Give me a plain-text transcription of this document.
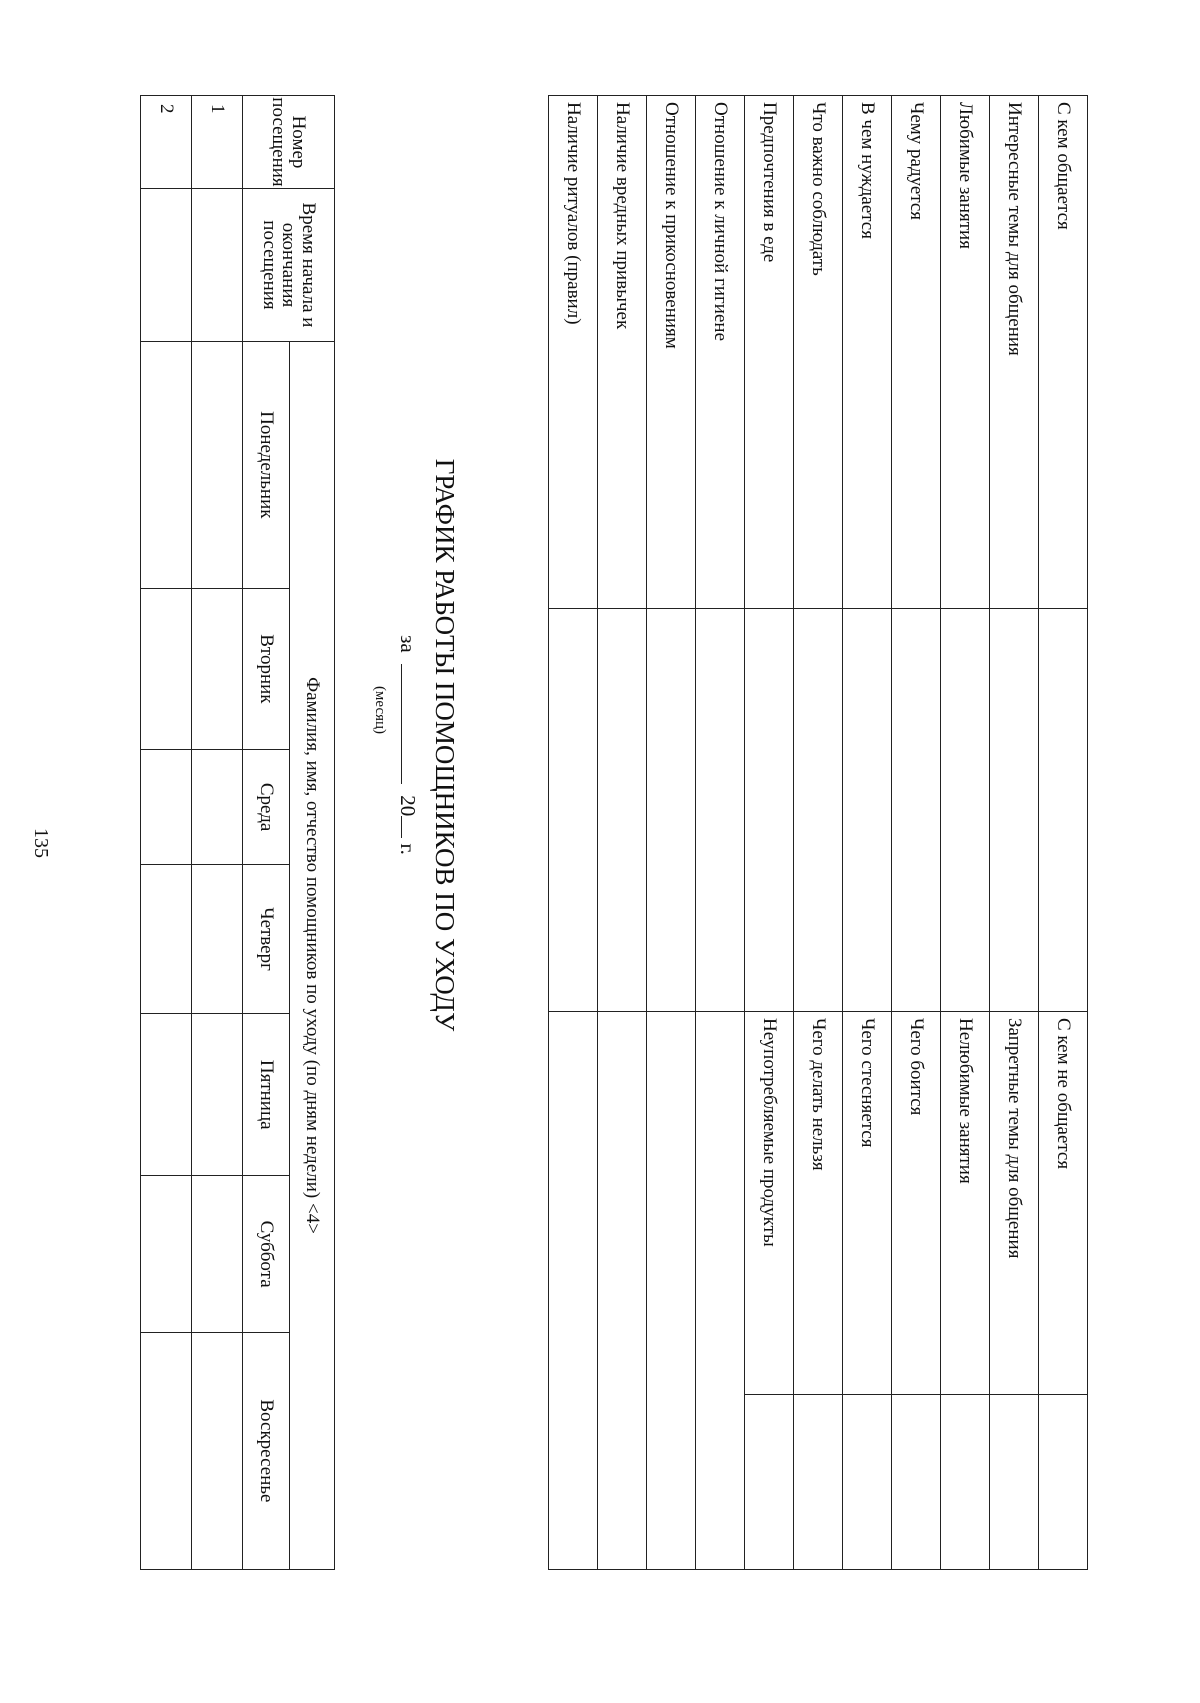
135
С кем общается		С кем не общается	
Интересные темы для общения		Запретные темы для общения	
Любимые занятия		Нелюбимые занятия	
Чему радуется		Чего боится	
В чем нуждается		Чего стесняется	
Что важно соблюдать		Чего делать нельзя	
Предпочтения в еде		Неупотребляемые продукты	
Отношение к личной гигиене			
Отношение к прикосновениям			
Наличие вредных привычек			
Наличие ритуалов (правил)			
ГРАФИК РАБОТЫ ПОМОЩНИКОВ ПО УХОДУ
за  20 г.
(месяц)
Номер посещения	Время начала и окончания посещения	Фамилия, имя, отчество помощников по уходу (по дням недели) <4>						
		Понедельник	Вторник	Среда	Четверг	Пятница	Суббота	Воскресенье
1								
2								
